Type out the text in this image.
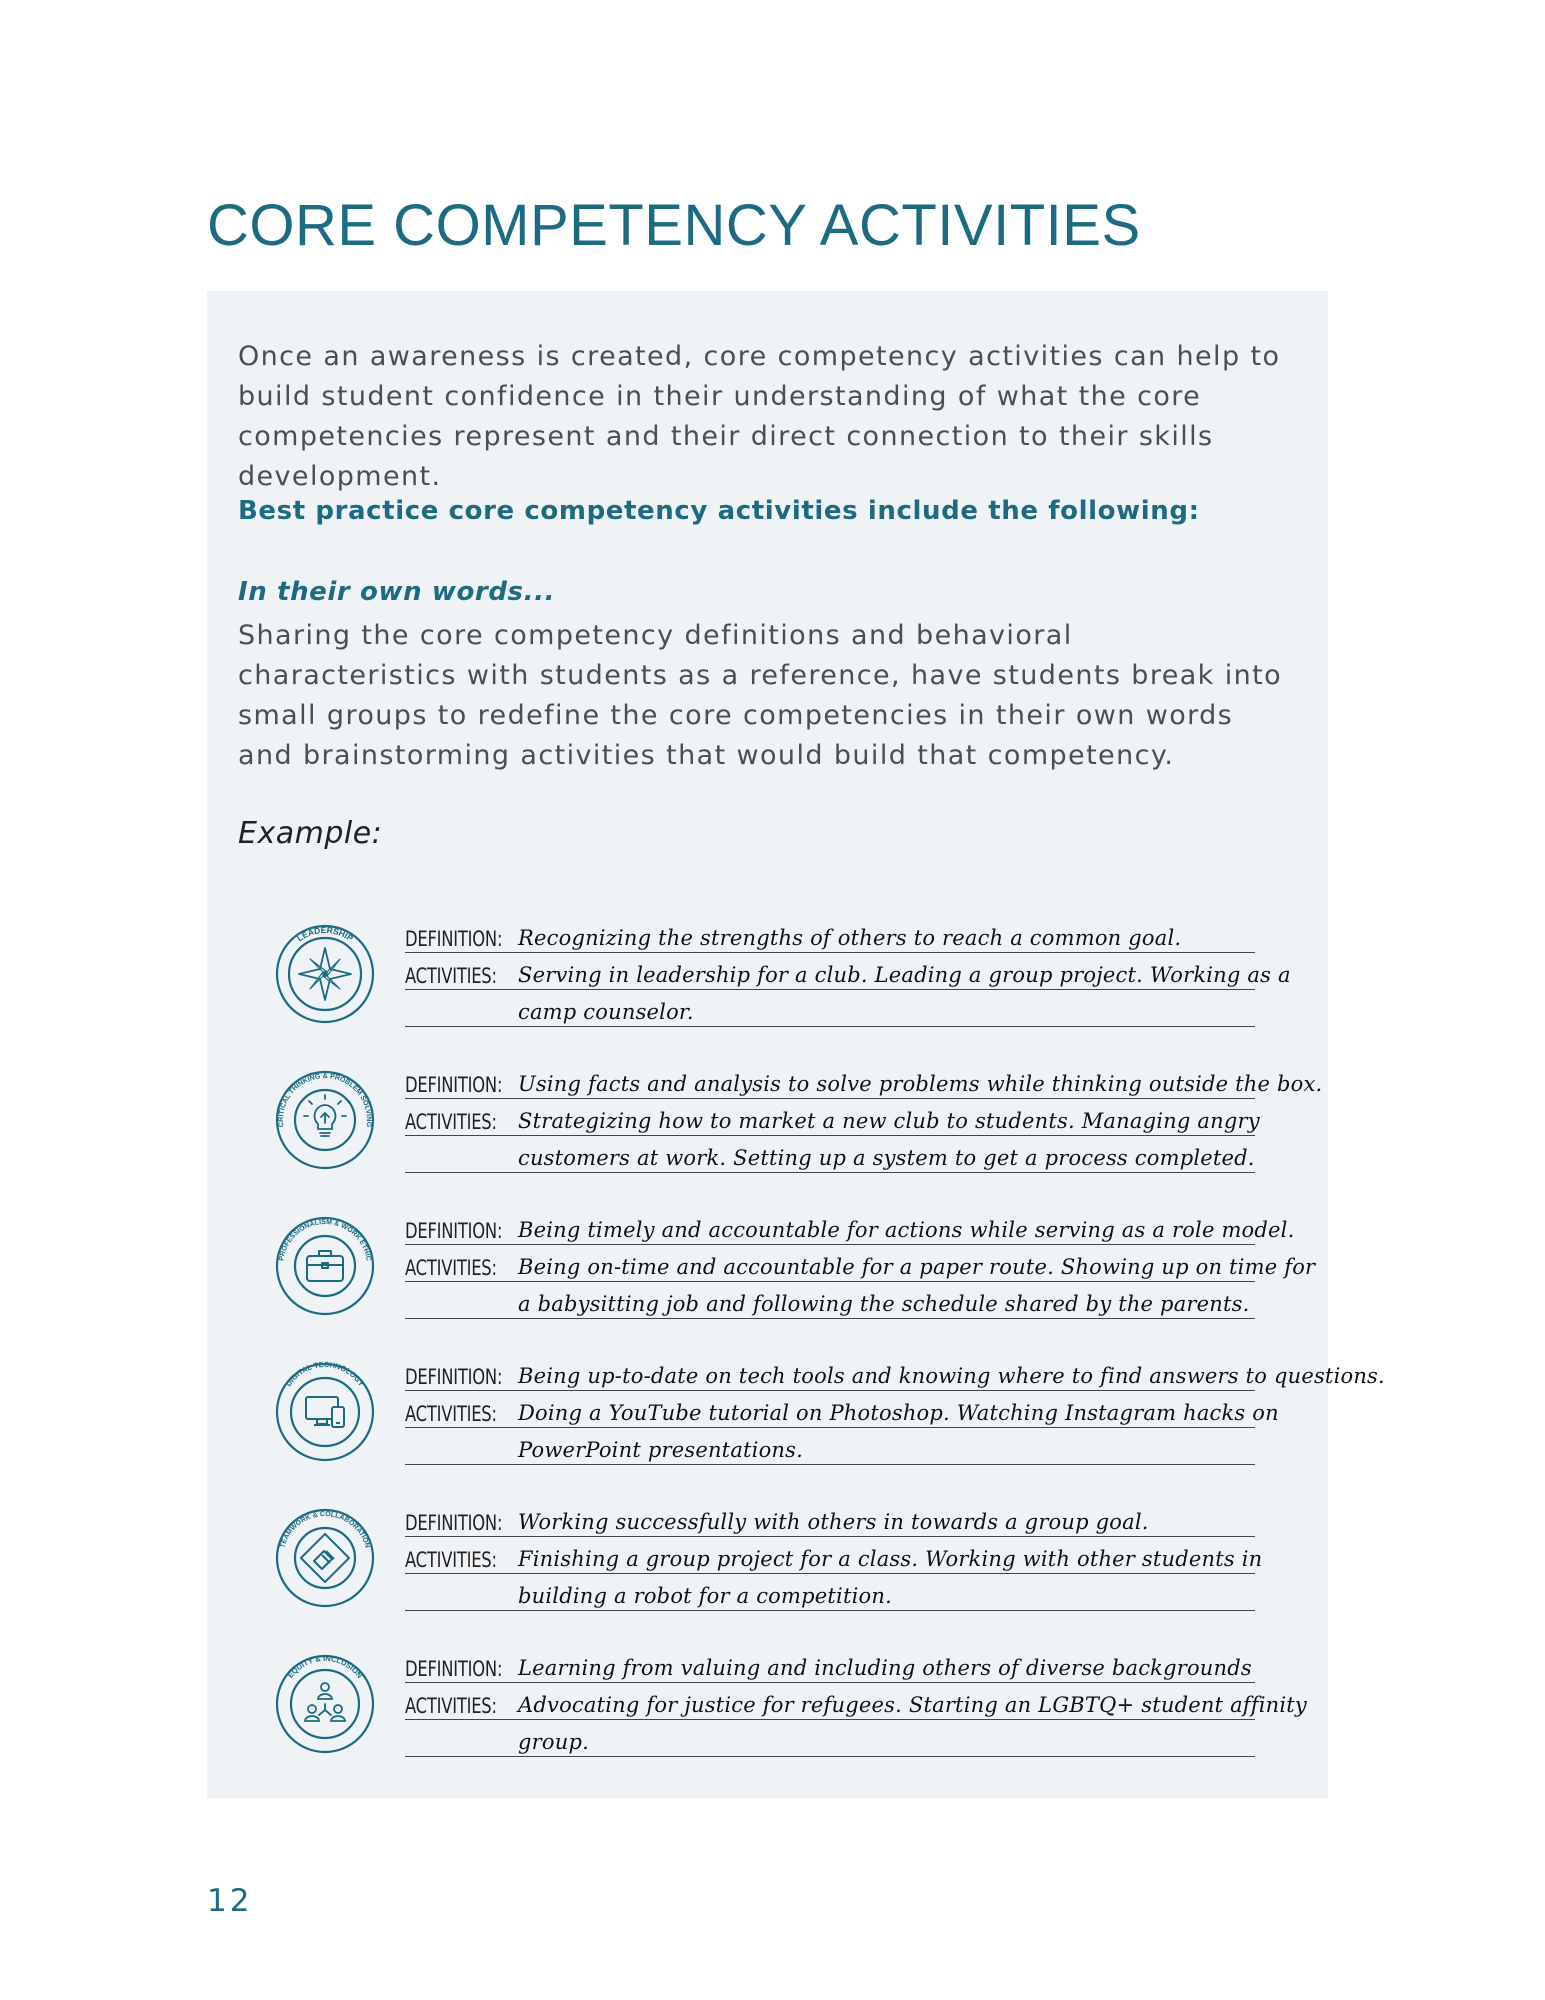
CORE COMPETENCY ACTIVITIES
Once an awareness is created, core competency activities can help to build student confidence in their understanding of what the core competencies represent and their direct connection to their skills development.
Best practice core competency activities include the following:
In their own words...
Sharing the core competency definitions and behavioral characteristics with students as a reference, have students break into small groups to redefine the core competencies in their own words and brainstorming activities that would build that competency.
Example:
LEADERSHIP DEFINITION: Recognizing the strengths of others to reach a common goal.
ACTIVITIES: Serving in leadership for a club. Leading a group project. Working as a
camp counselor.
CRITICAL THINKING & PROBLEM SOLVING
DEFINITION: Using facts and analysis to solve problems while thinking outside the box.
ACTIVITIES: Strategizing how to market a new club to students. Managing angry
customers at work. Setting up a system to get a process completed.
PROFESSIONALISM & WORK ETHIC
DEFINITION: Being timely and accountable for actions while serving as a role model.
ACTIVITIES: Being on-time and accountable for a paper route. Showing up on time for
a babysitting job and following the schedule shared by the parents.
DIGITAL TECHNOLOGY DEFINITION: Being up-to-date on tech tools and knowing where to find answers to questions.
ACTIVITIES: Doing a YouTube tutorial on Photoshop. Watching Instagram hacks on
PowerPoint presentations.
TEAMWORK & COLLABORATION
DEFINITION: Working successfully with others in towards a group goal.
ACTIVITIES: Finishing a group project for a class. Working with other students in
building a robot for a competition.
EQUITY & INCLUSION DEFINITION: Learning from valuing and including others of diverse backgrounds
ACTIVITIES: Advocating for justice for refugees. Starting an LGBTQ+ student affinity
group.
12
